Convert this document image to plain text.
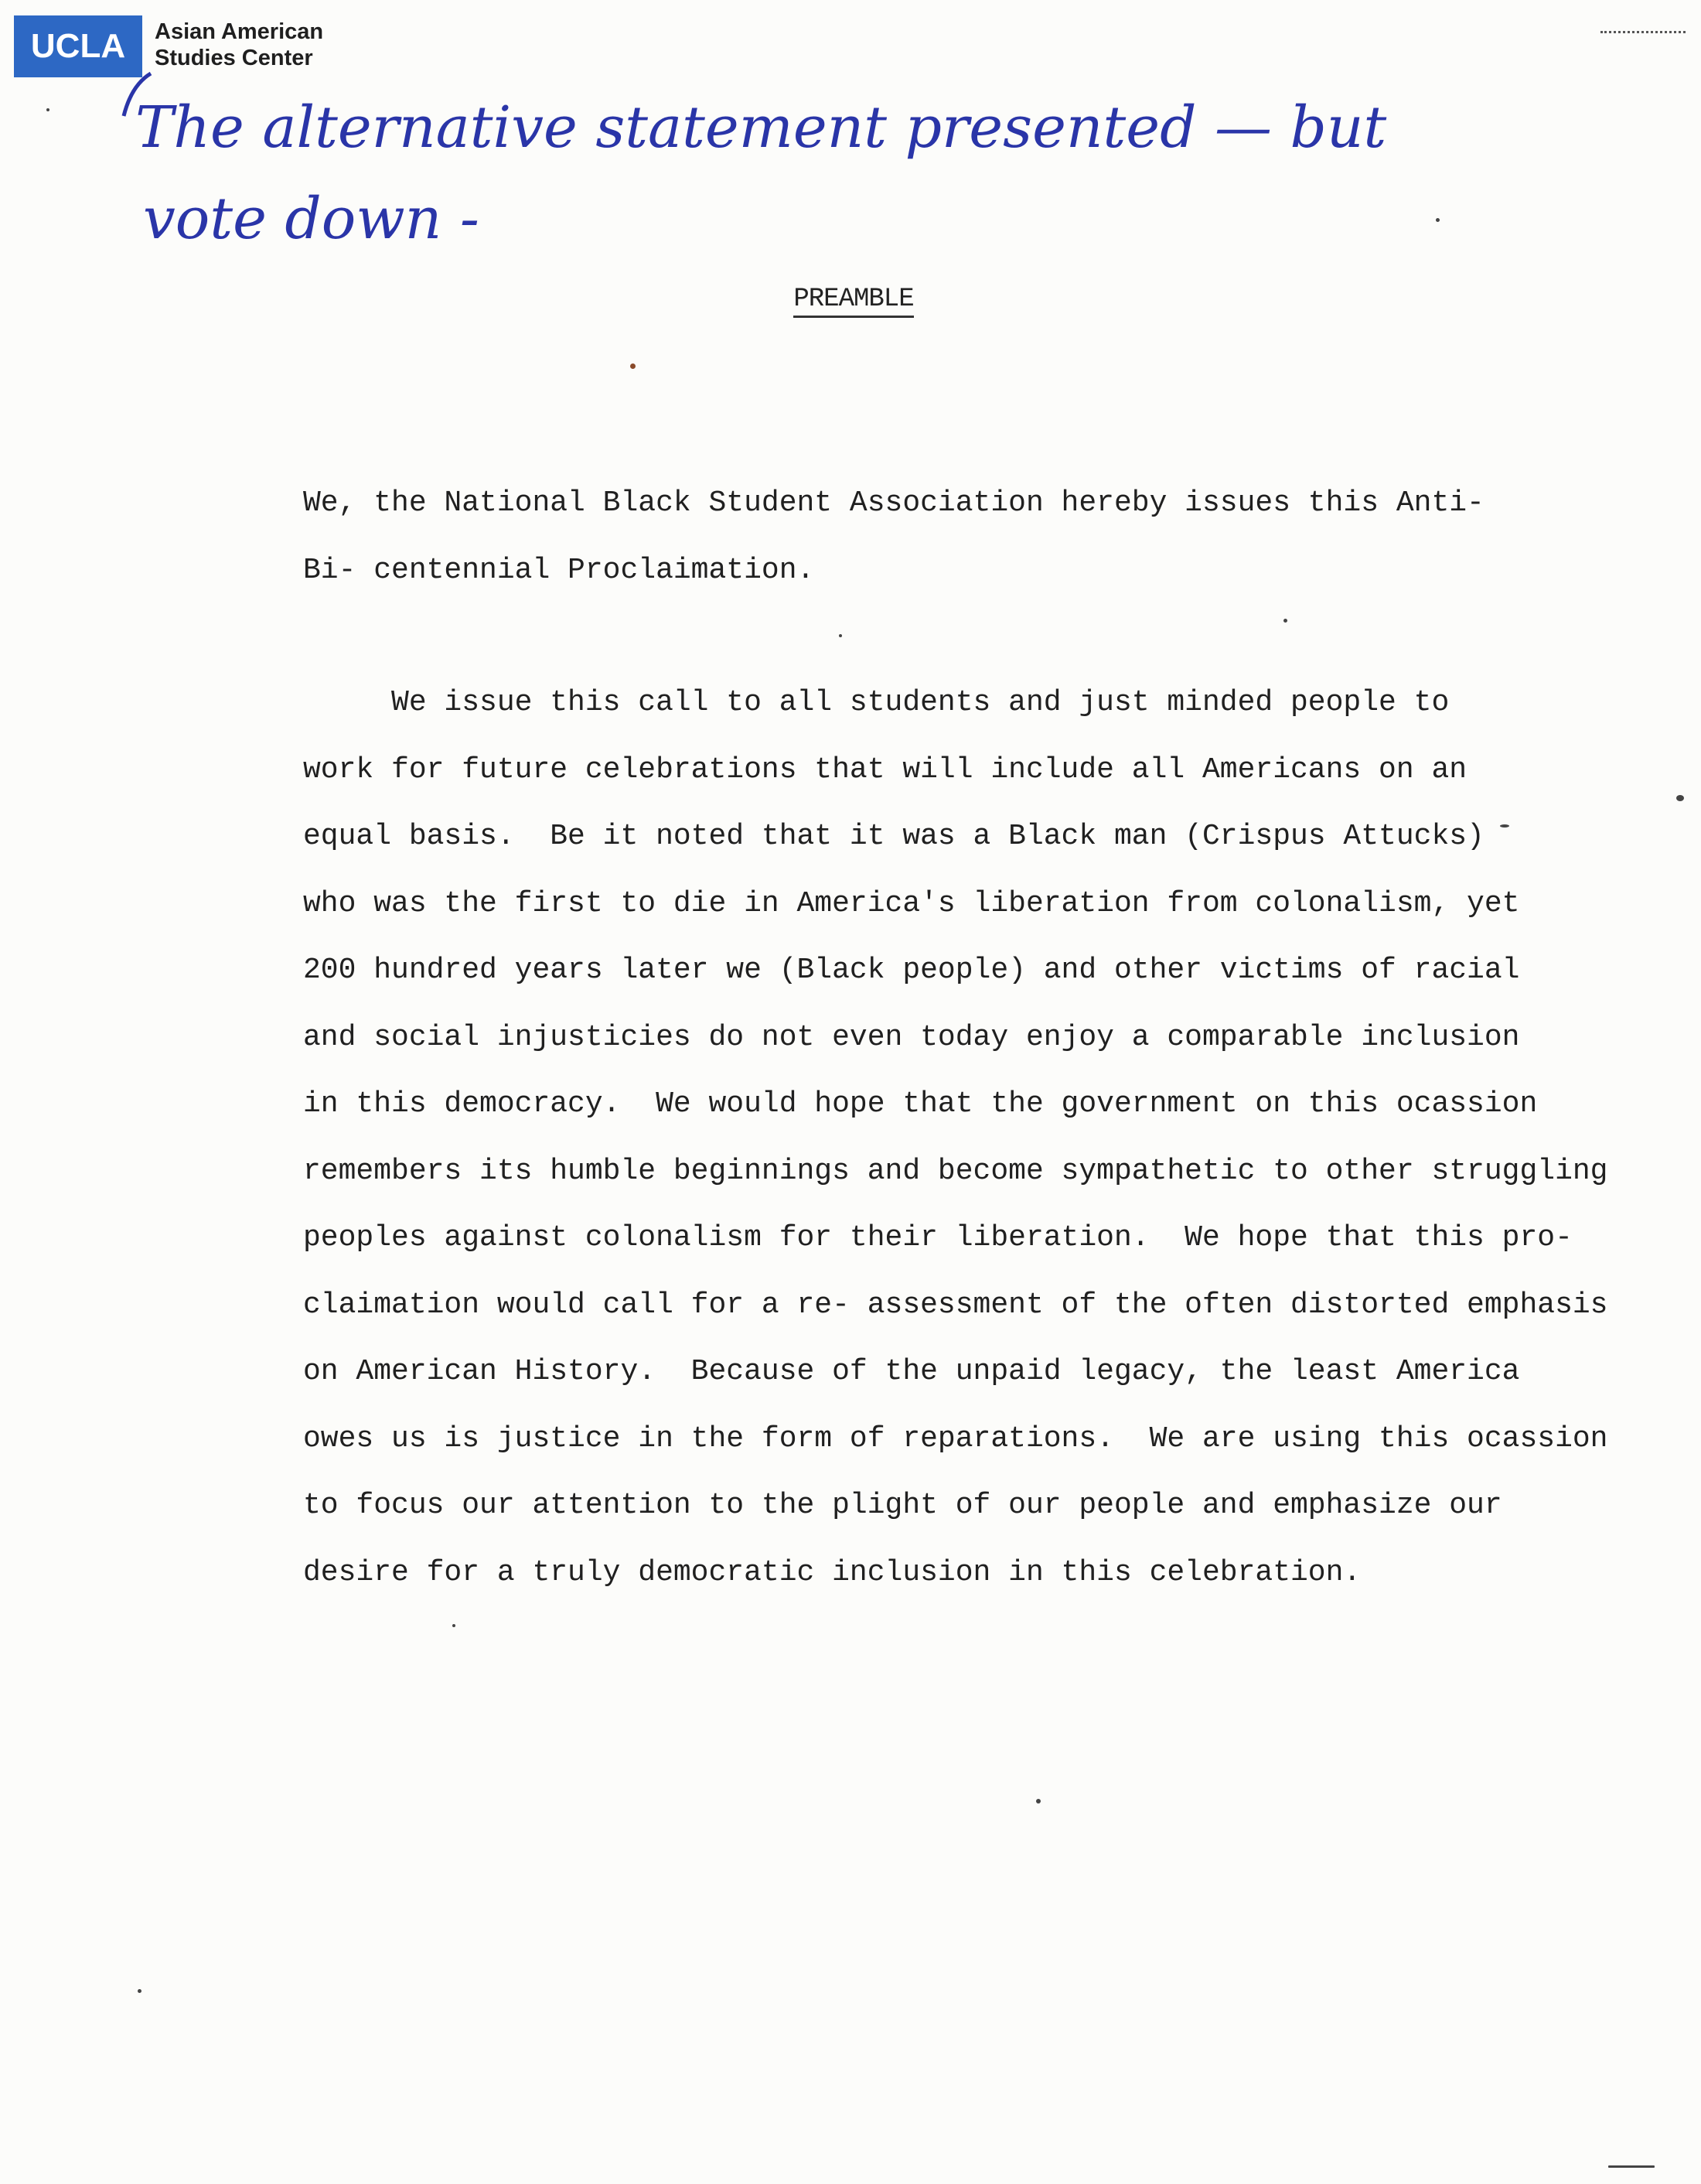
UCLA	Asian American
Studies Center
The alternative statement presented — but
vote down -
PREAMBLE
We, the National Black Student Association hereby issues this Anti-
Bi- centennial Proclaimation.
We issue this call to all students and just minded people to
work for future celebrations that will include all Americans on an
equal basis.  Be it noted that it was a Black man (Crispus Attucks)
who was the first to die in America's liberation from colonalism, yet
200 hundred years later we (Black people) and other victims of racial
and social injusticies do not even today enjoy a comparable inclusion
in this democracy.  We would hope that the government on this ocassion
remembers its humble beginnings and become sympathetic to other struggling
peoples against colonalism for their liberation.  We hope that this pro-
claimation would call for a re- assessment of the often distorted emphasis
on American History.  Because of the unpaid legacy, the least America
owes us is justice in the form of reparations.  We are using this ocassion
to focus our attention to the plight of our people and emphasize our
desire for a truly democratic inclusion in this celebration.
